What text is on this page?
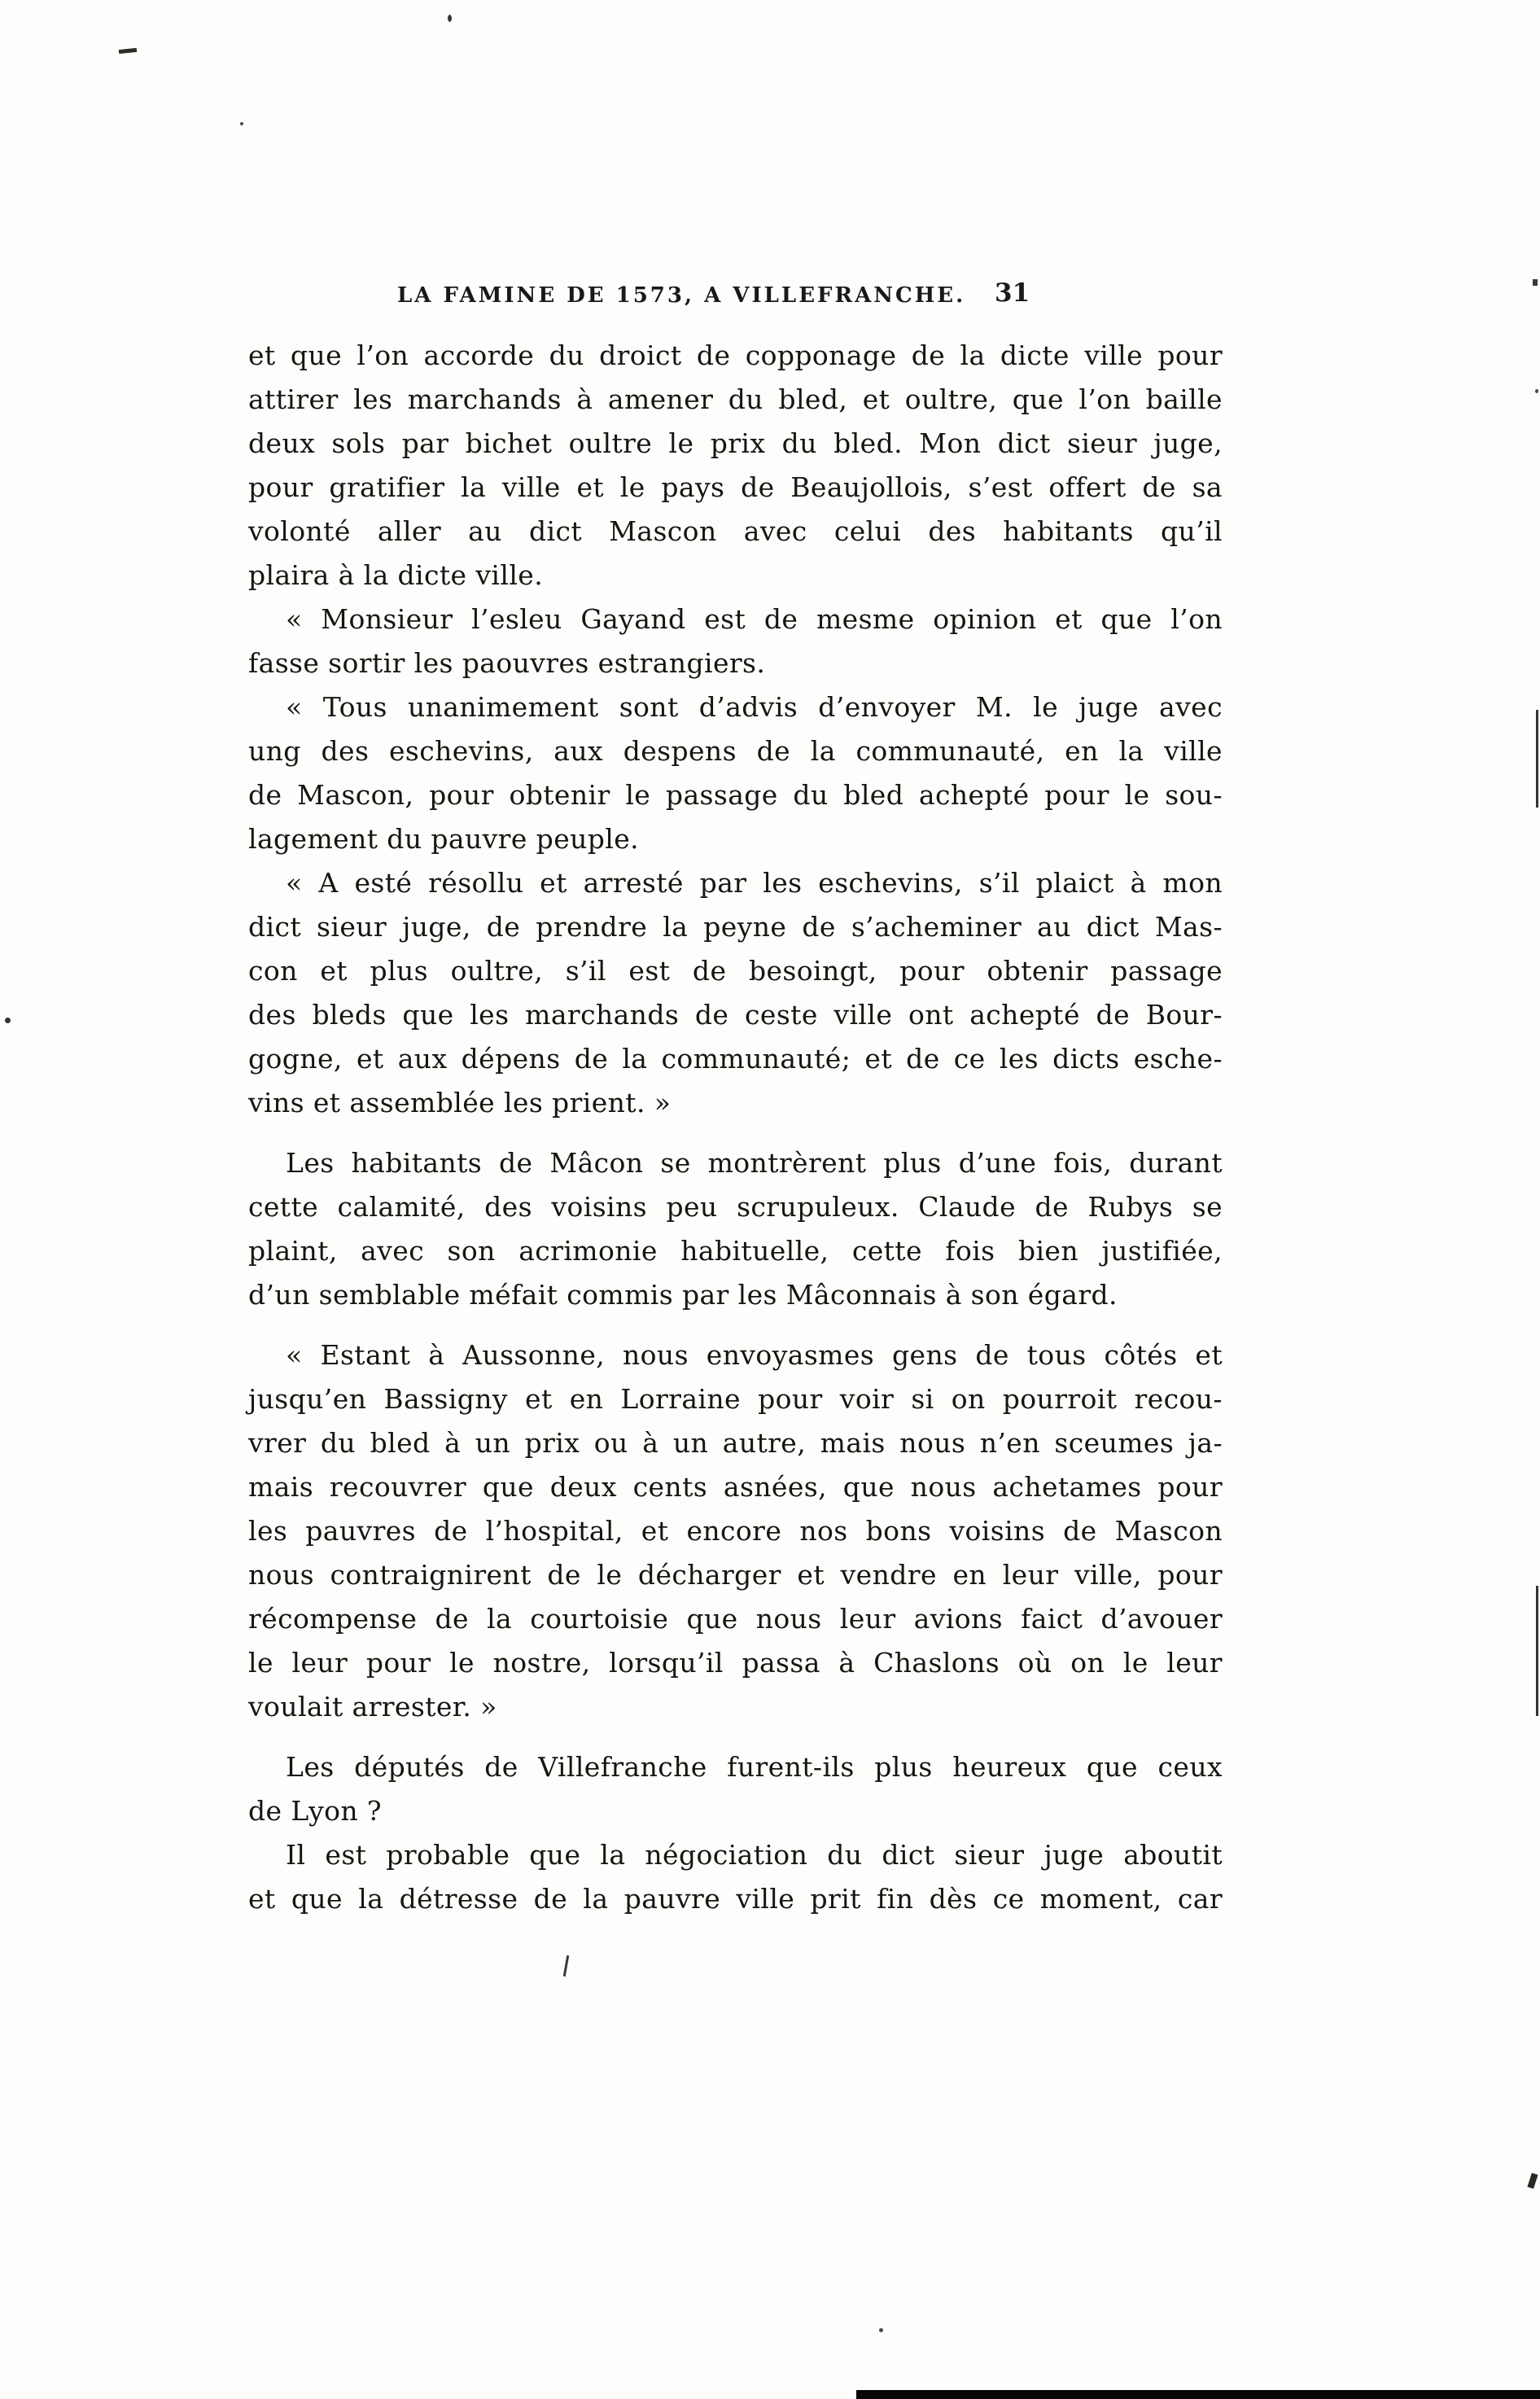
LA FAMINE DE 1573, A VILLEFRANCHE. 31
et que l’on accorde du droict de copponage de la dicte ville pour
attirer les marchands à amener du bled, et oultre, que l’on baille
deux sols par bichet oultre le prix du bled. Mon dict sieur juge,
pour gratifier la ville et le pays de Beaujollois, s’est offert de sa
volonté aller au dict Mascon avec celui des habitants qu’il
plaira à la dicte ville.
« Monsieur l’esleu Gayand est de mesme opinion et que l’on
fasse sortir les paouvres estrangiers.
« Tous unanimement sont d’advis d’envoyer M. le juge avec
ung des eschevins, aux despens de la communauté, en la ville
de Mascon, pour obtenir le passage du bled achepté pour le sou-
lagement du pauvre peuple.
« A esté résollu et arresté par les eschevins, s’il plaict à mon
dict sieur juge, de prendre la peyne de s’acheminer au dict Mas-
con et plus oultre, s’il est de besoingt, pour obtenir passage
des bleds que les marchands de ceste ville ont achepté de Bour-
gogne, et aux dépens de la communauté; et de ce les dicts esche-
vins et assemblée les prient. »
Les habitants de Mâcon se montrèrent plus d’une fois, durant
cette calamité, des voisins peu scrupuleux. Claude de Rubys se
plaint, avec son acrimonie habituelle, cette fois bien justifiée,
d’un semblable méfait commis par les Mâconnais à son égard.
« Estant à Aussonne, nous envoyasmes gens de tous côtés et
jusqu’en Bassigny et en Lorraine pour voir si on pourroit recou-
vrer du bled à un prix ou à un autre, mais nous n’en sceumes ja-
mais recouvrer que deux cents asnées, que nous achetames pour
les pauvres de l’hospital, et encore nos bons voisins de Mascon
nous contraignirent de le décharger et vendre en leur ville, pour
récompense de la courtoisie que nous leur avions faict d’avouer
le leur pour le nostre, lorsqu’il passa à Chaslons où on le leur
voulait arrester. »
Les députés de Villefranche furent-ils plus heureux que ceux
de Lyon ?
Il est probable que la négociation du dict sieur juge aboutit
et que la détresse de la pauvre ville prit fin dès ce moment, car
